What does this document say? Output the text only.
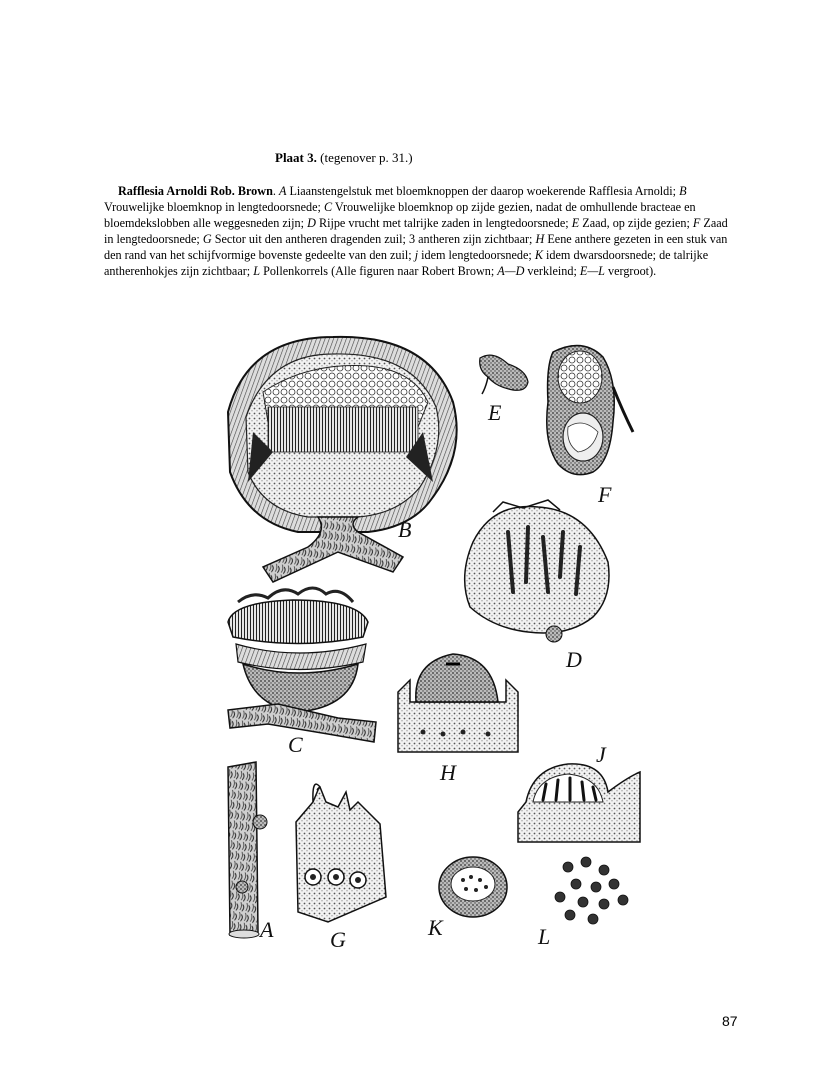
Plaat 3. (tegenover p. 31.)
Rafflesia Arnoldi Rob. Brown. A Liaanstengelstuk met bloemknoppen der daarop woekerende Rafflesia Arnoldi; B Vrouwelijke bloemknop in lengtedoorsnede; C Vrouwelijke bloemknop op zijde gezien, nadat de omhullende bracteae en bloemdekslobben alle weggesneden zijn; D Rijpe vrucht met talrijke zaden in lengtedoorsnede; E Zaad, op zijde gezien; F Zaad in lengtedoorsnede; G Sector uit den antheren dragenden zuil; 3 antheren zijn zichtbaar; H Eene anthere gezeten in een stuk van den rand van het schijfvormige bovenste gedeelte van den zuil; j idem lengtedoorsnede; K idem dwarsdoorsnede; de talrijke antherenhokjes zijn zichtbaar; L Pollenkorrels (Alle figuren naar Robert Brown; A—D verkleind; E—L vergroot).
B
E
F
D
C
H
J
A	G	K	L
87
